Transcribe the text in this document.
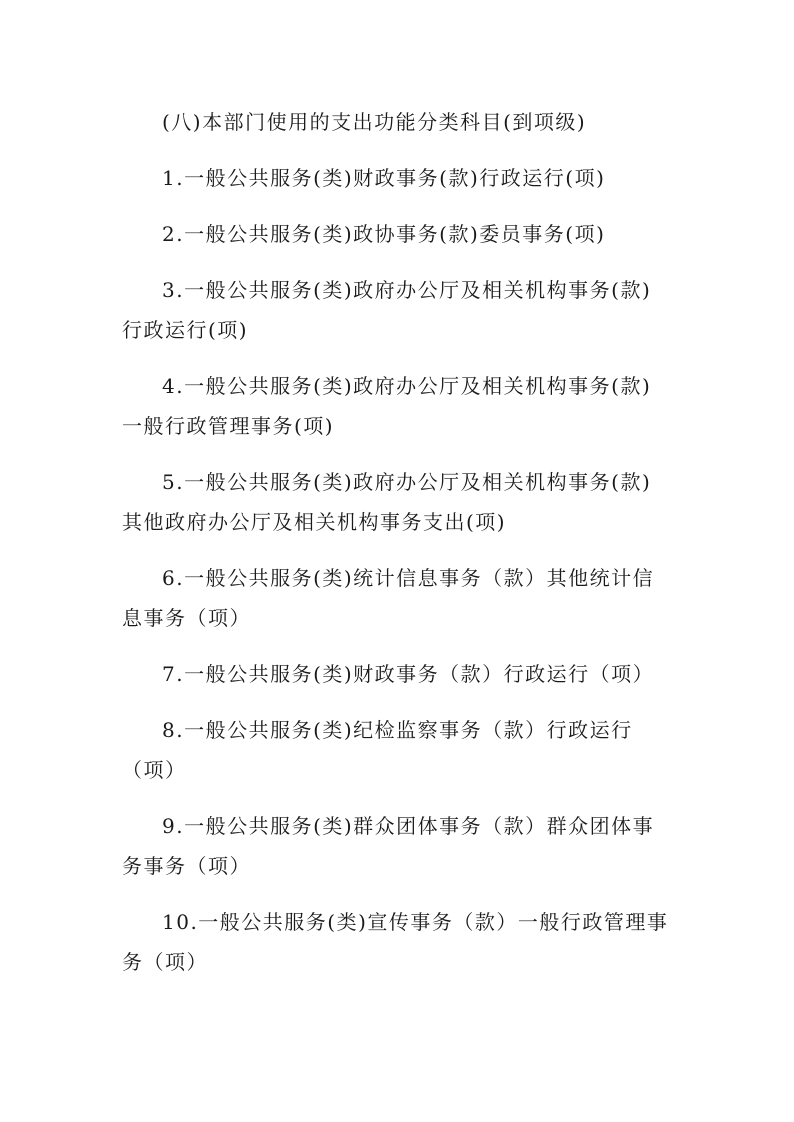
(八)本部门使用的支出功能分类科目(到项级)
1.一般公共服务(类)财政事务(款)行政运行(项)
2.一般公共服务(类)政协事务(款)委员事务(项)
3.一般公共服务(类)政府办公厅及相关机构事务(款)
行政运行(项)
4.一般公共服务(类)政府办公厅及相关机构事务(款)
一般行政管理事务(项)
5.一般公共服务(类)政府办公厅及相关机构事务(款)
其他政府办公厅及相关机构事务支出(项)
6.一般公共服务(类)统计信息事务（款）其他统计信
息事务（项）
7.一般公共服务(类)财政事务（款）行政运行（项）
8.一般公共服务(类)纪检监察事务（款）行政运行
（项）
9.一般公共服务(类)群众团体事务（款）群众团体事
务事务（项）
10.一般公共服务(类)宣传事务（款）一般行政管理事
务（项）
